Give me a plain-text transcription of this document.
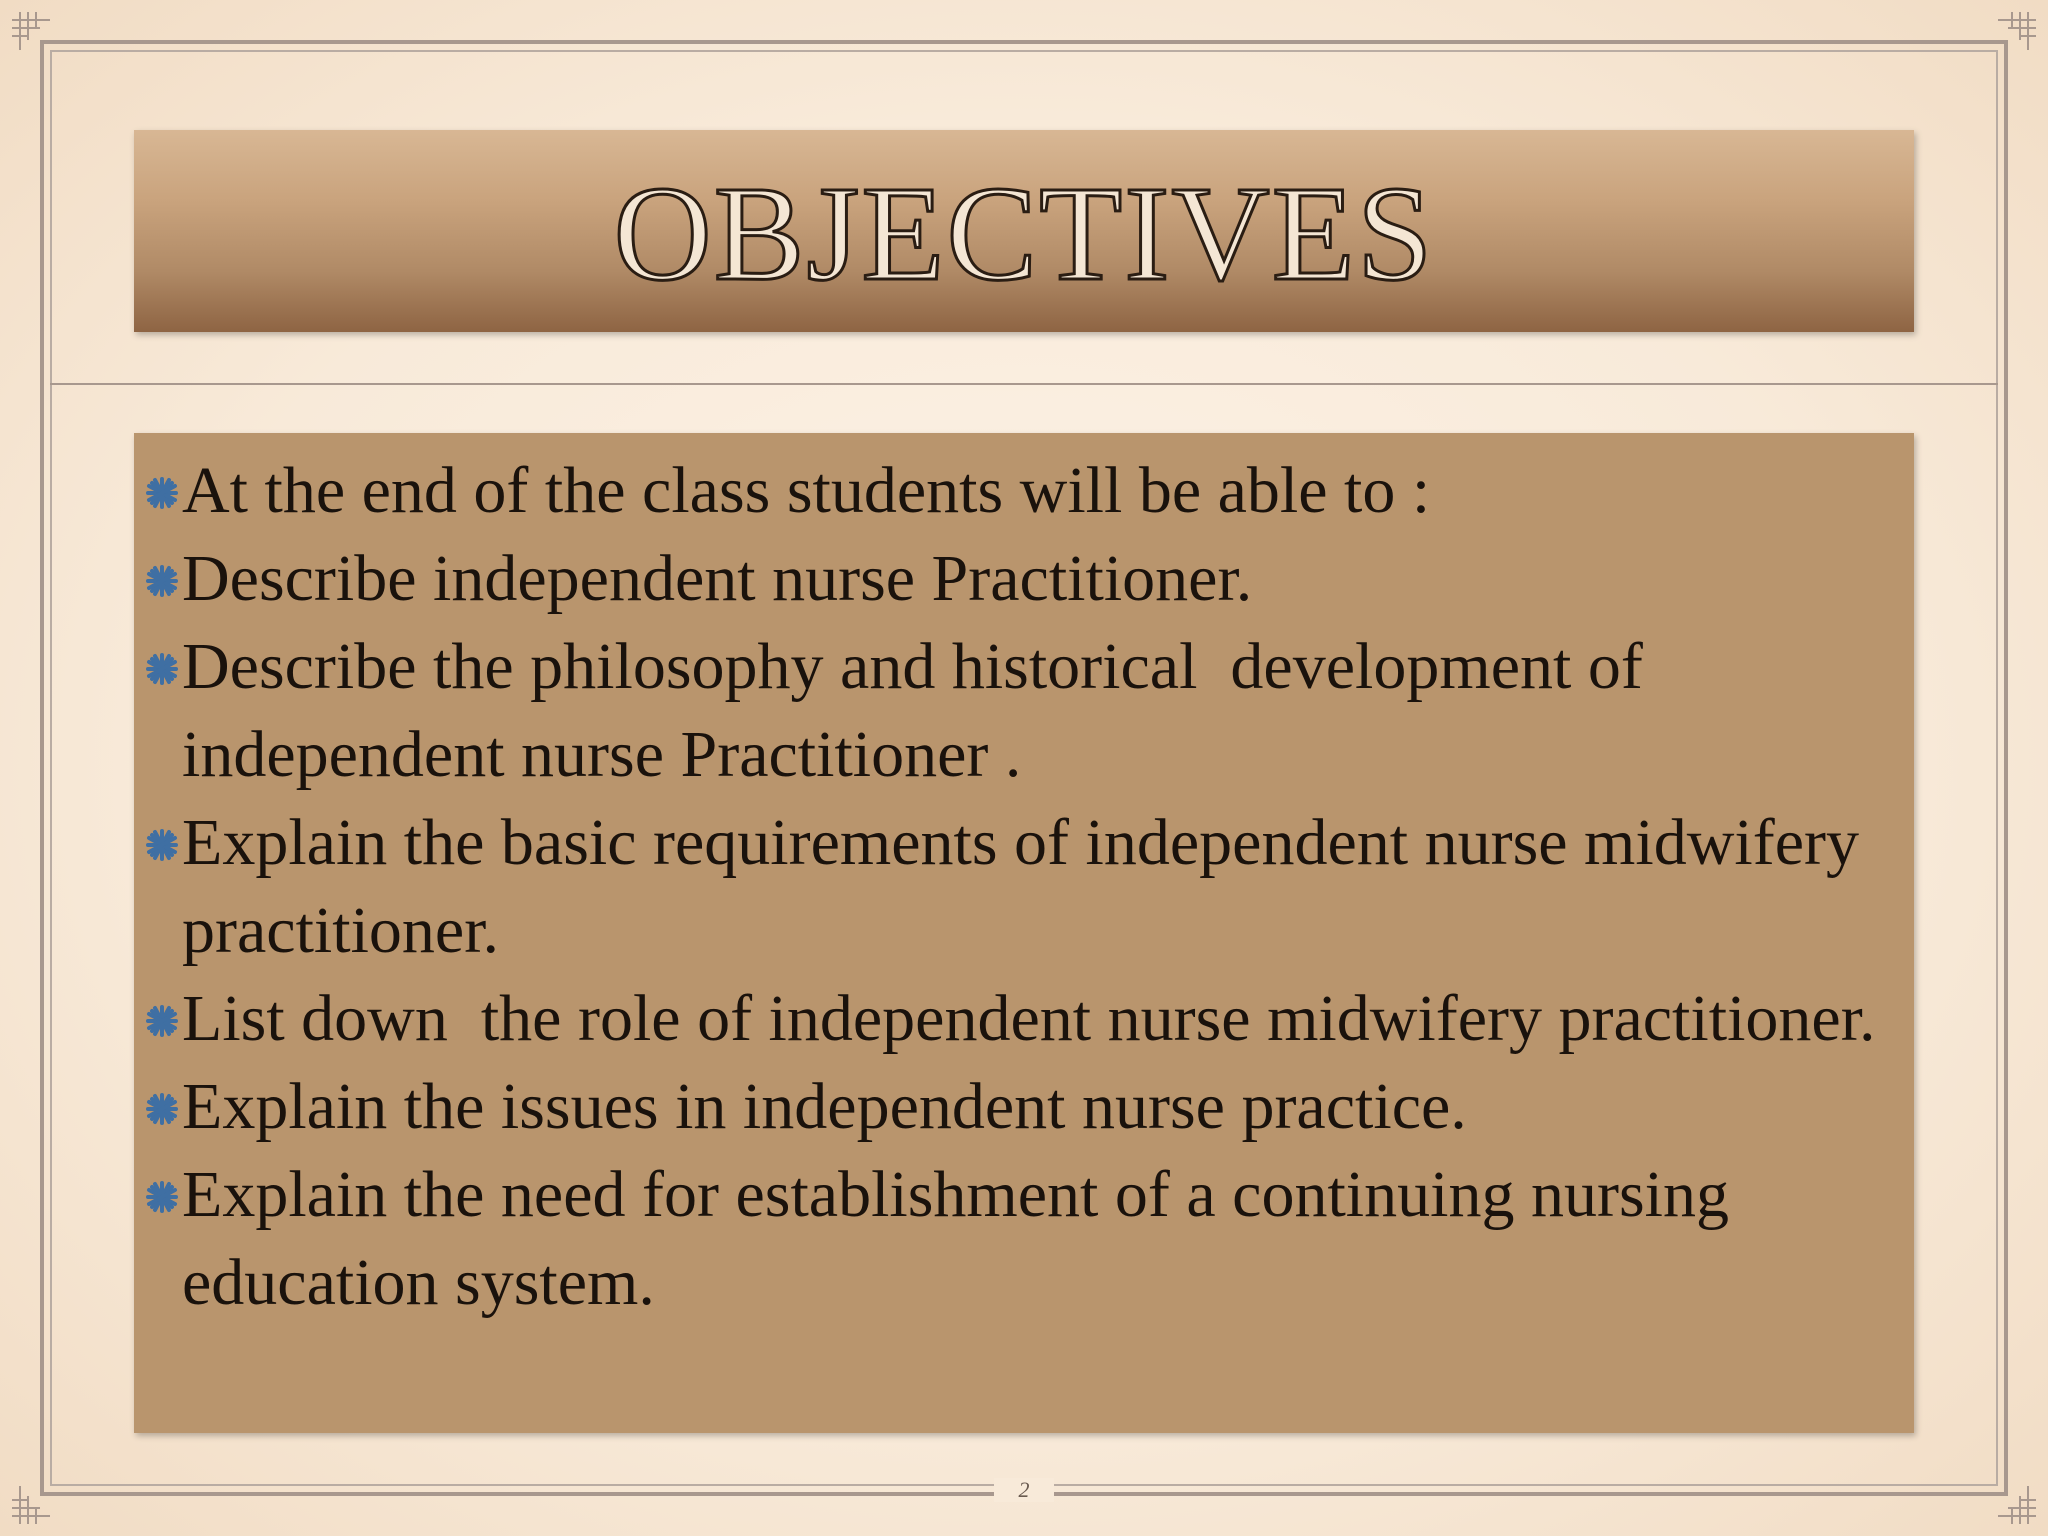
OBJECTIVES
At the end of the class students will be able to :
Describe independent nurse Practitioner.
Describe the philosophy and historical  development of independent nurse Practitioner .
Explain the basic requirements of independent nurse midwifery practitioner.
List down  the role of independent nurse midwifery practitioner.
Explain the issues in independent nurse practice.
Explain the need for establishment of a continuing nursing education system.
2
